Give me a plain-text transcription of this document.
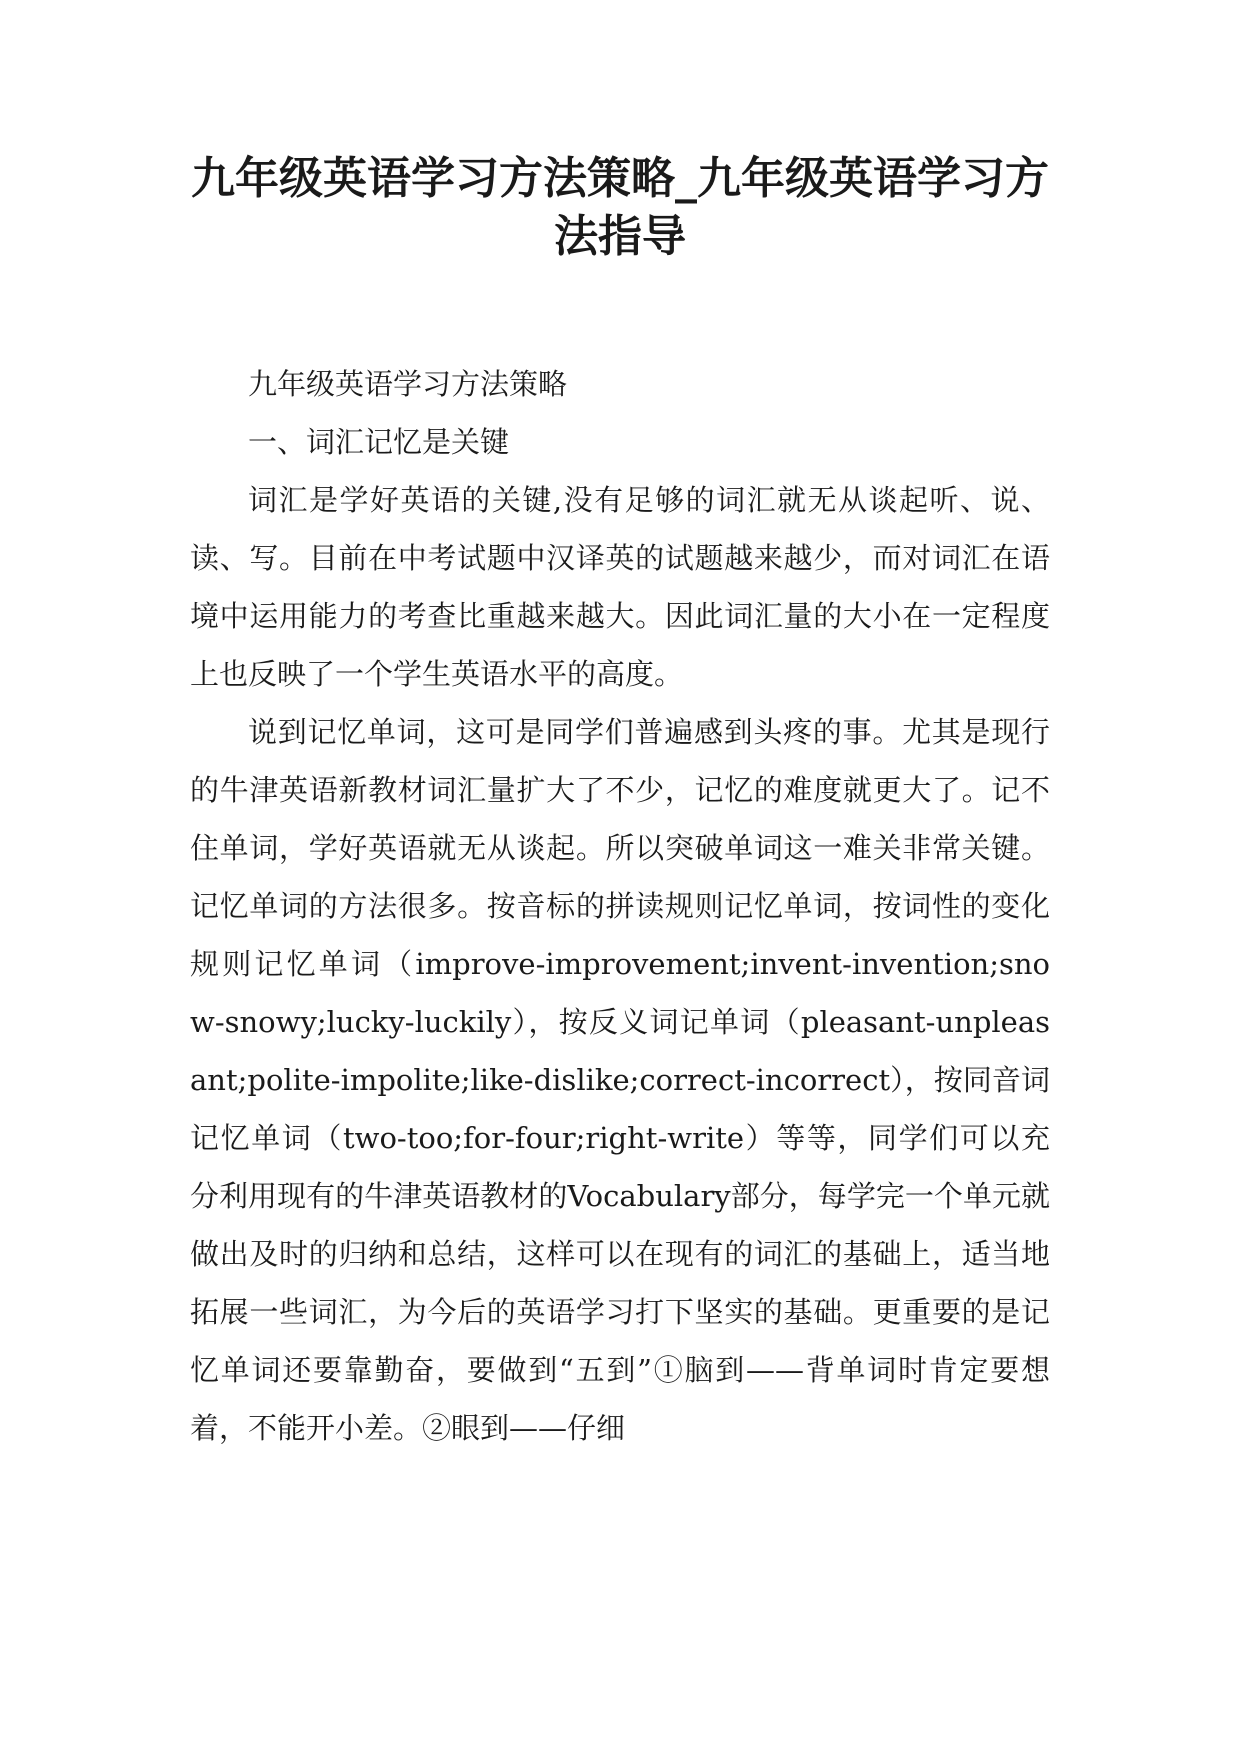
九年级英语学习方法策略_九年级英语学习方法指导

九年级英语学习方法策略

一、词汇记忆是关键

词汇是学好英语的关键,没有足够的词汇就无从谈起听、说、读、写。目前在中考试题中汉译英的试题越来越少，而对词汇在语境中运用能力的考查比重越来越大。因此词汇量的大小在一定程度上也反映了一个学生英语水平的高度。

说到记忆单词，这可是同学们普遍感到头疼的事。尤其是现行的牛津英语新教材词汇量扩大了不少，记忆的难度就更大了。记不住单词，学好英语就无从谈起。所以突破单词这一难关非常关键。记忆单词的方法很多。按音标的拼读规则记忆单词，按词性的变化规则记忆单词（improve-improvement;invent-invention;snow-snowy;lucky-luckily），按反义词记单词（pleasant-unpleasant;polite-impolite;like-dislike;correct-incorrect），按同音词记忆单词（two-too;for-four;right-write）等等，同学们可以充分利用现有的牛津英语教材的Vocabulary部分，每学完一个单元就做出及时的归纳和总结，这样可以在现有的词汇的基础上，适当地拓展一些词汇，为今后的英语学习打下坚实的基础。更重要的是记忆单词还要靠勤奋，要做到“五到”①脑到——背单词时肯定要想着，不能开小差。②眼到——仔细
